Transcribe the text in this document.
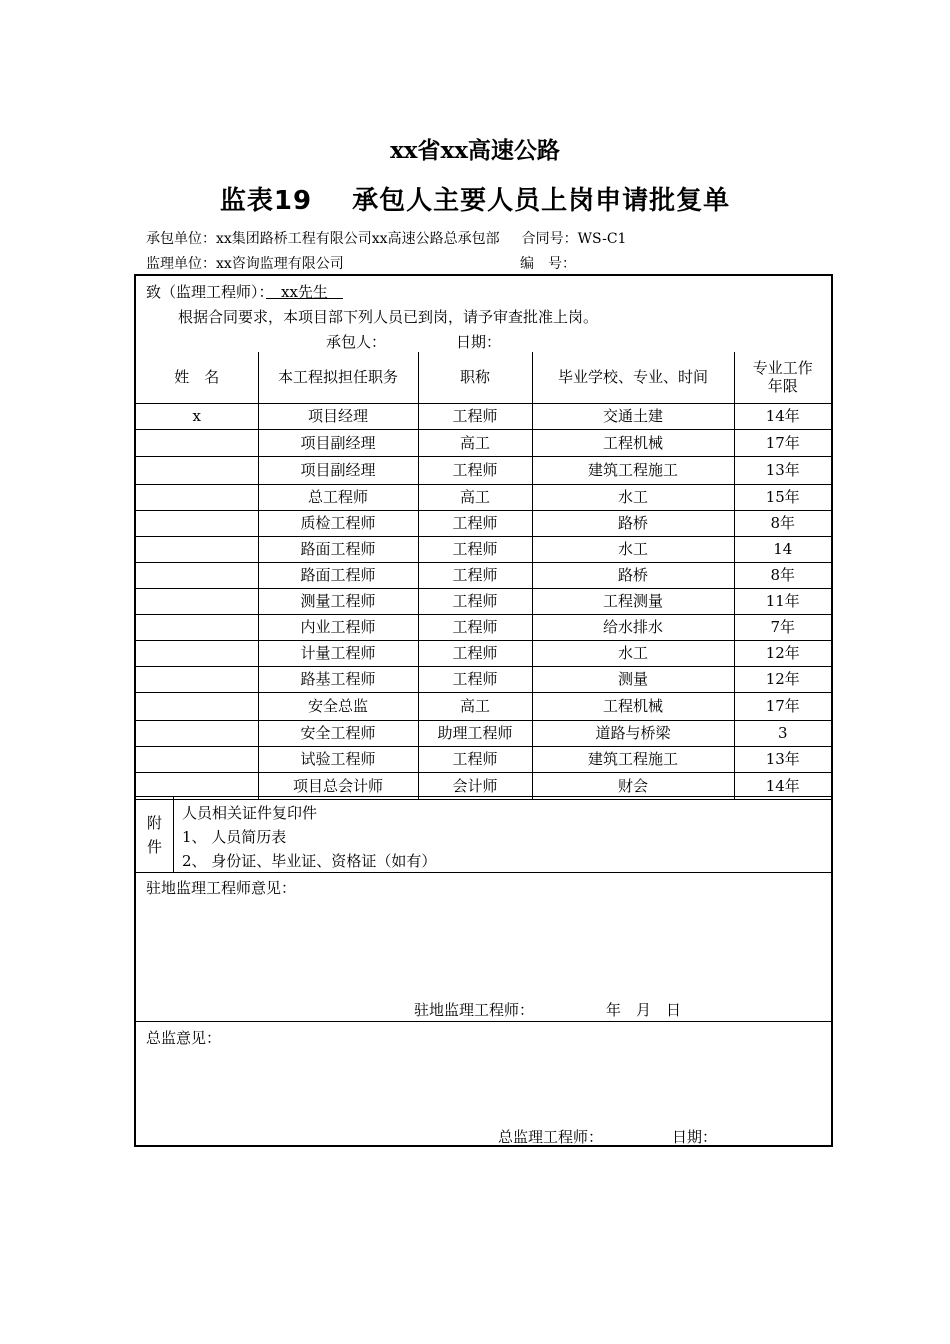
xx省xx高速公路
监表19 承包人主要人员上岗申请批复单
承包单位：xx集团路桥工程有限公司xx高速公路总承包部 合同号：WS-C1
监理单位：xx咨询监理有限公司	编　号：
致（监理工程师）：　xx先生　
根据合同要求，本项目部下列人员已到岗，请予审查批准上岗。
承包人：	日期：
姓　名	本工程拟担任职务	职称	毕业学校、专业、时间	专业工作年限
x	项目经理	工程师	交通土建	14年
	项目副经理	高工	工程机械	17年
	项目副经理	工程师	建筑工程施工	13年
	总工程师	高工	水工	15年
	质检工程师	工程师	路桥	8年
	路面工程师	工程师	水工	14
	路面工程师	工程师	路桥	8年
	测量工程师	工程师	工程测量	11年
	内业工程师	工程师	给水排水	7年
	计量工程师	工程师	水工	12年
	路基工程师	工程师	测量	12年
	安全总监	高工	工程机械	17年
	安全工程师	助理工程师	道路与桥梁	3
	试验工程师	工程师	建筑工程施工	13年
	项目总会计师	会计师	财会	14年
附
件
人员相关证件复印件
1、 人员简历表
2、 身份证、毕业证、资格证（如有）
驻地监理工程师意见：
驻地监理工程师：	年　月　日
总监意见：
总监理工程师：	日期：
